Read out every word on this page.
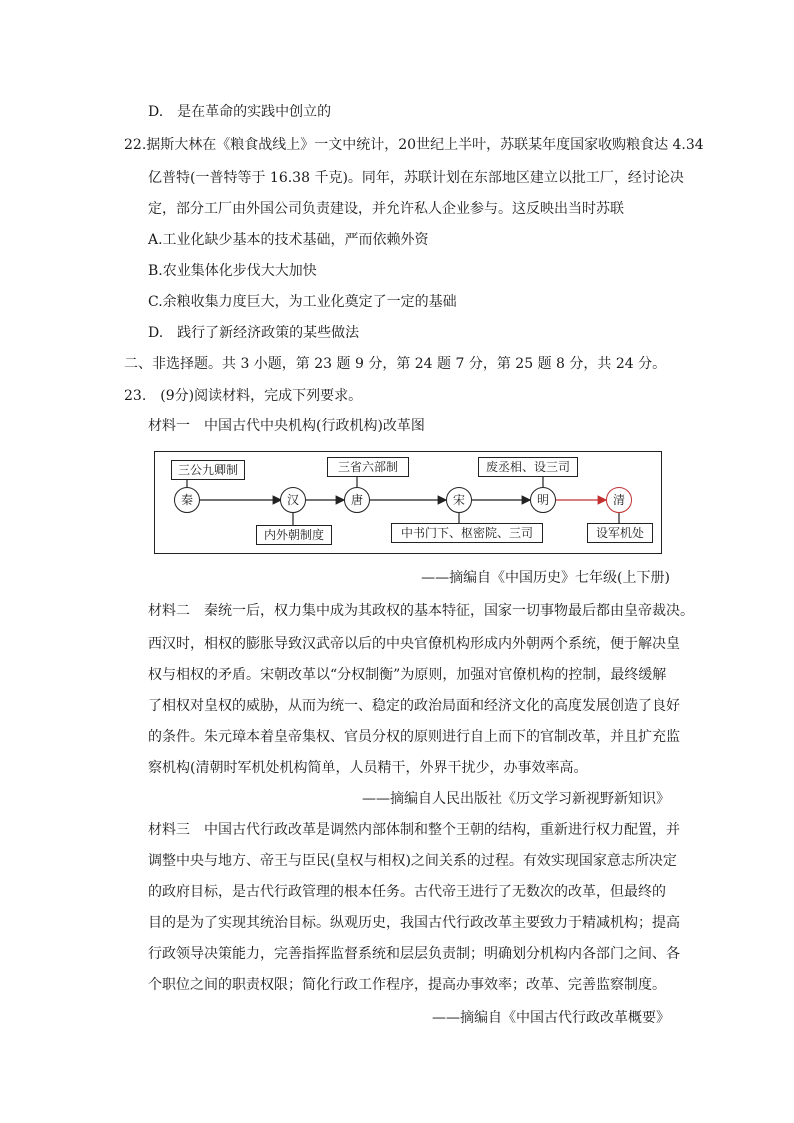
D.　是在革命的实践中创立的
22.据斯大林在《粮食战线上》一文中统计，20世纪上半叶，苏联某年度国家收购粮食达 4.34
亿普特(一普特等于 16.38 千克)。同年，苏联计划在东部地区建立以批工厂，经讨论决
定，部分工厂由外国公司负责建设，并允许私人企业参与。这反映出当时苏联
A.工业化缺少基本的技术基础，严而依赖外资
B.农业集体化步伐大大加快
C.余粮收集力度巨大，为工业化奠定了一定的基础
D.　践行了新经济政策的某些做法
二、非选择题。共 3 小题，第 23 题 9 分，第 24 题 7 分，第 25 题 8 分，共 24 分。
23.　(9分)阅读材料，完成下列要求。
材料一　中国古代中央机构(行政机构)改革图
三公九卿制	三省六部制	废丞相、设三司
秦	汉	唐	宋	明	清
内外朝制度	中书门下、枢密院、三司	设军机处
——摘编自《中国历史》七年级(上下册)
材料二　秦统一后，权力集中成为其政权的基本特征，国家一切事物最后都由皇帝裁决。
西汉时，相权的膨胀导致汉武帝以后的中央官僚机构形成内外朝两个系统，便于解决皇
权与相权的矛盾。宋朝改革以“分权制衡”为原则，加强对官僚机构的控制，最终缓解
了相权对皇权的威胁，从而为统一、稳定的政治局面和经济文化的高度发展创造了良好
的条件。朱元璋本着皇帝集权、官员分权的原则进行自上而下的官制改革，并且扩充监
察机构(清朝时军机处机构简单，人员精干，外界干扰少，办事效率高。
——摘编自人民出版社《历文学习新视野新知识》
材料三　中国古代行政改革是调然内部体制和整个王朝的结构，重新进行权力配置，并
调整中央与地方、帝王与臣民(皇权与相权)之间关系的过程。有效实现国家意志所决定
的政府目标，是古代行政管理的根本任务。古代帝王进行了无数次的改革，但最终的
目的是为了实现其统治目标。纵观历史，我国古代行政改革主要致力于精减机构；提高
行政领导决策能力，完善指挥监督系统和层层负责制；明确划分机构内各部门之间、各
个职位之间的职责权限；简化行政工作程序，提高办事效率；改革、完善监察制度。
——摘编自《中国古代行政改革概要》
